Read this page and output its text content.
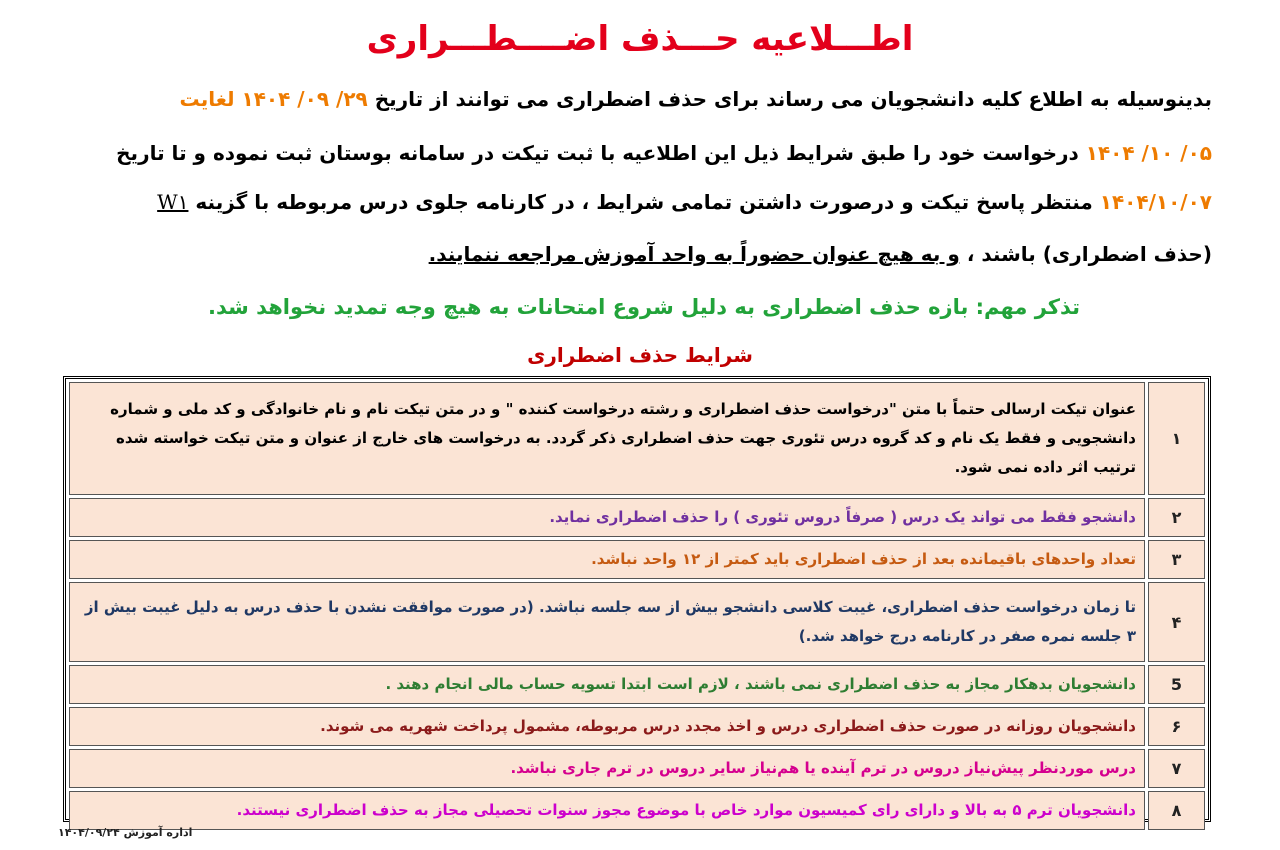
اطـــلاعیه حـــذف اضــــطـــراری
بدینوسیله به اطلاع کلیه دانشجویان می رساند برای حذف اضطراری می توانند از تاریخ ۲۹/ ۰۹/ ۱۴۰۴ لغایت
۰۵/ ۱۰/ ۱۴۰۴ درخواست خود را طبق شرایط ذیل این اطلاعیه با ثبت تیکت در سامانه بوستان ثبت نموده و تا تاریخ
۱۴۰۴/۱۰/۰۷ منتظر پاسخ تیکت و درصورت داشتن تمامی شرایط ، در کارنامه جلوی درس مربوطه با گزینه W۱
(حذف اضطراری) باشند ، و به هیچ عنوان حضوراً به واحد آموزش مراجعه ننمایند.
تذکر مهم: بازه حذف اضطراری به دلیل شروع امتحانات به هیچ وجه تمدید نخواهد شد.
شرایط حذف اضطراری
۱	عنوان تیکت ارسالی حتماً با متن "درخواست حذف اضطراری و رشته درخواست کننده " و در متن تیکت نام و نام خانوادگی و کد ملی و شماره دانشجویی و فقط یک نام و کد گروه درس تئوری جهت حذف اضطراری ذکر گردد. به درخواست های خارج از عنوان و متن تیکت خواسته شده ترتیب اثر داده نمی شود.
۲	دانشجو فقط می تواند یک درس ( صرفاً دروس تئوری ) را حذف اضطراری نماید.
۳	تعداد واحدهای باقیمانده بعد از حذف اضطراری باید کمتر از ۱۲ واحد نباشد.
۴	تا زمان درخواست حذف اضطراری، غیبت کلاسی دانشجو بیش از سه جلسه نباشد. (در صورت موافقت نشدن با حذف درس به دلیل غیبت بیش از ۳ جلسه نمره صفر در کارنامه درج خواهد شد.)
5	دانشجویان بدهکار مجاز به حذف اضطراری نمی باشند ، لازم است ابتدا تسویه حساب مالی انجام دهند .
۶	دانشجویان روزانه در صورت حذف اضطراری درس و اخذ مجدد درس مربوطه، مشمول پرداخت شهریه می شوند.
۷	درس موردنظر پیش‌نیاز دروس در ترم آینده یا هم‌نیاز سایر دروس در ترم جاری نباشد.
۸	دانشجویان ترم ۵ به بالا و دارای رای کمیسیون موارد خاص با موضوع مجوز سنوات تحصیلی مجاز به حذف اضطراری نیستند.
اداره آموزش ۱۴۰۴/۰۹/۲۴
